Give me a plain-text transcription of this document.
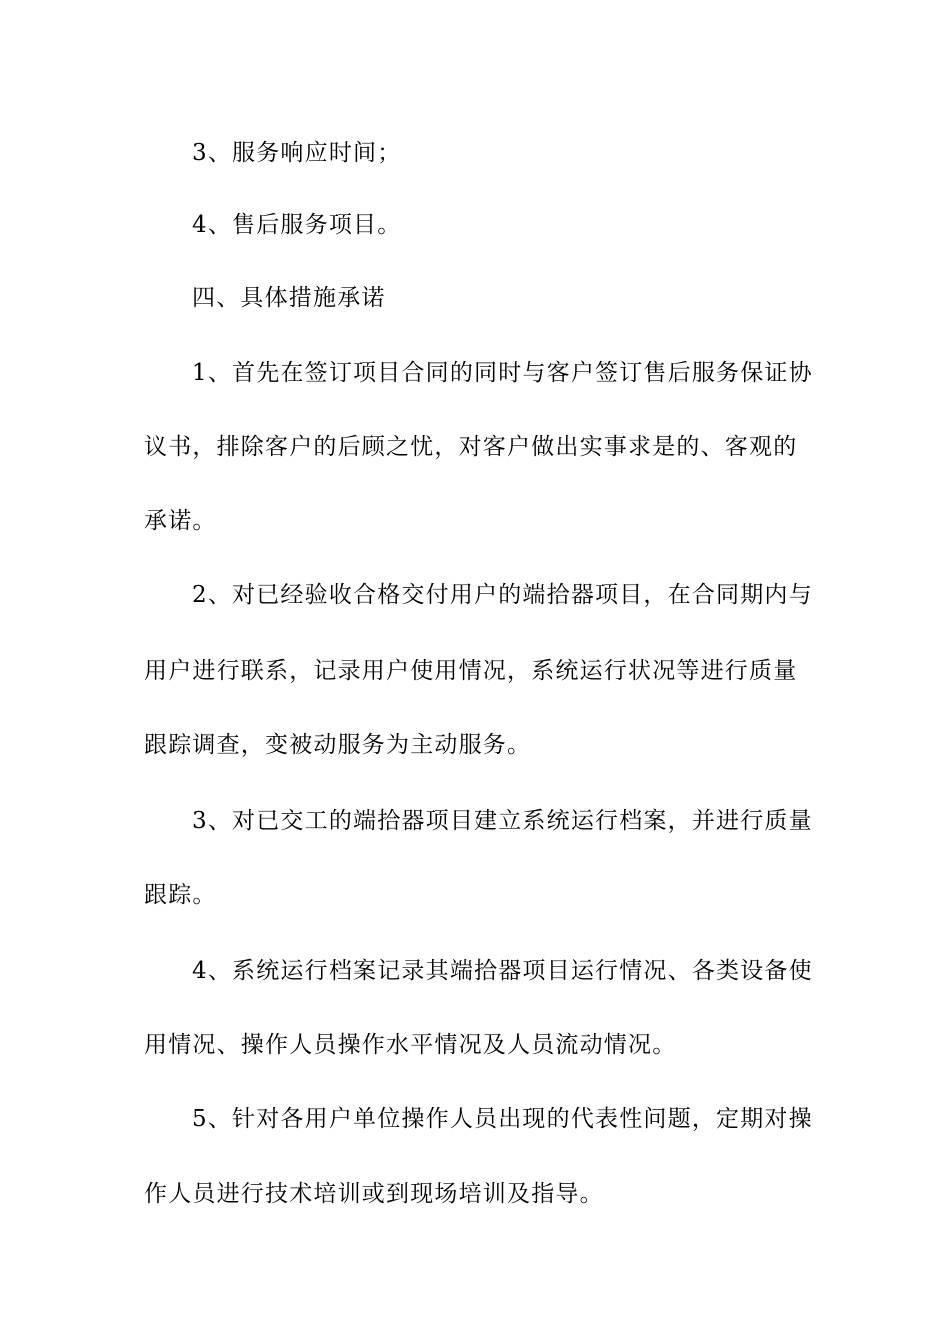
3、服务响应时间；
4、售后服务项目。
四、具体措施承诺
1、首先在签订项目合同的同时与客户签订售后服务保证协
议书，排除客户的后顾之忧，对客户做出实事求是的、客观的
承诺。
2、对已经验收合格交付用户的端拾器项目，在合同期内与
用户进行联系，记录用户使用情况，系统运行状况等进行质量
跟踪调查，变被动服务为主动服务。
3、对已交工的端拾器项目建立系统运行档案，并进行质量
跟踪。
4、系统运行档案记录其端拾器项目运行情况、各类设备使
用情况、操作人员操作水平情况及人员流动情况。
5、针对各用户单位操作人员出现的代表性问题，定期对操
作人员进行技术培训或到现场培训及指导。
